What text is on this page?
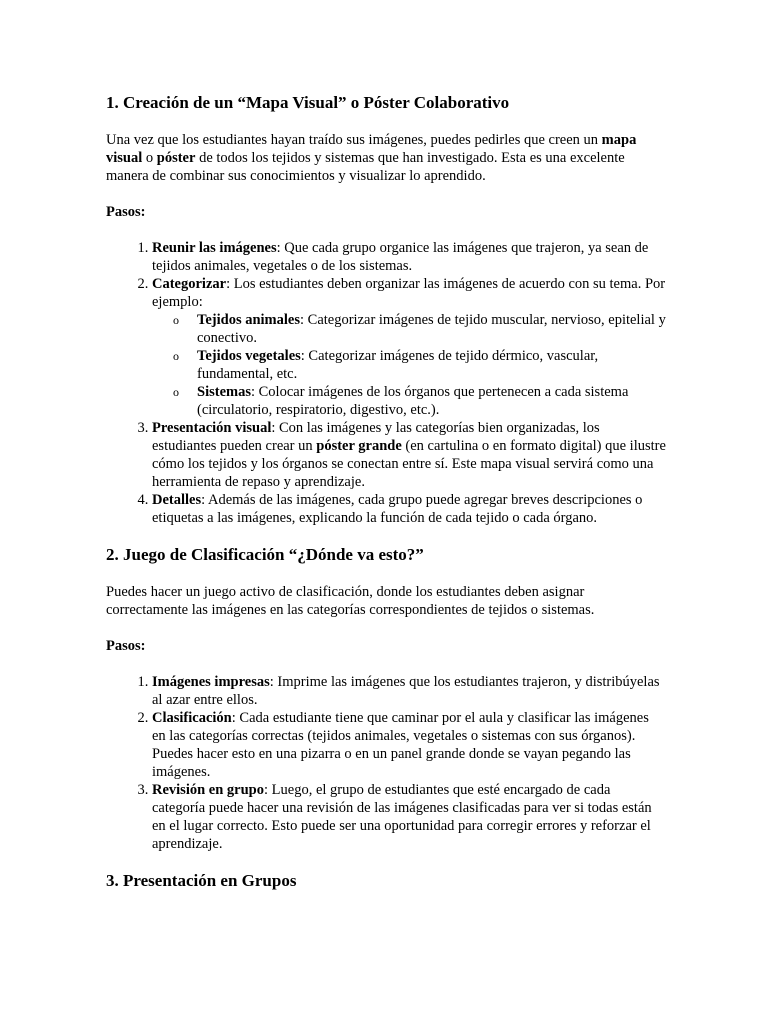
1. Creación de un “Mapa Visual” o Póster Colaborativo

Una vez que los estudiantes hayan traído sus imágenes, puedes pedirles que creen un mapa visual o póster de todos los tejidos y sistemas que han investigado. Esta es una excelente manera de combinar sus conocimientos y visualizar lo aprendido.

Pasos:

1. Reunir las imágenes: Que cada grupo organice las imágenes que trajeron, ya sean de tejidos animales, vegetales o de los sistemas.
2. Categorizar: Los estudiantes deben organizar las imágenes de acuerdo con su tema. Por ejemplo:
o Tejidos animales: Categorizar imágenes de tejido muscular, nervioso, epitelial y conectivo.
o Tejidos vegetales: Categorizar imágenes de tejido dérmico, vascular, fundamental, etc.
o Sistemas: Colocar imágenes de los órganos que pertenecen a cada sistema (circulatorio, respiratorio, digestivo, etc.).
3. Presentación visual: Con las imágenes y las categorías bien organizadas, los estudiantes pueden crear un póster grande (en cartulina o en formato digital) que ilustre cómo los tejidos y los órganos se conectan entre sí. Este mapa visual servirá como una herramienta de repaso y aprendizaje.
4. Detalles: Además de las imágenes, cada grupo puede agregar breves descripciones o etiquetas a las imágenes, explicando la función de cada tejido o cada órgano.
2. Juego de Clasificación “¿Dónde va esto?”

Puedes hacer un juego activo de clasificación, donde los estudiantes deben asignar correctamente las imágenes en las categorías correspondientes de tejidos o sistemas.

Pasos:

1. Imágenes impresas: Imprime las imágenes que los estudiantes trajeron, y distribúyelas al azar entre ellos.
2. Clasificación: Cada estudiante tiene que caminar por el aula y clasificar las imágenes en las categorías correctas (tejidos animales, vegetales o sistemas con sus órganos). Puedes hacer esto en una pizarra o en un panel grande donde se vayan pegando las imágenes.
3. Revisión en grupo: Luego, el grupo de estudiantes que esté encargado de cada categoría puede hacer una revisión de las imágenes clasificadas para ver si todas están en el lugar correcto. Esto puede ser una oportunidad para corregir errores y reforzar el aprendizaje.
3. Presentación en Grupos
